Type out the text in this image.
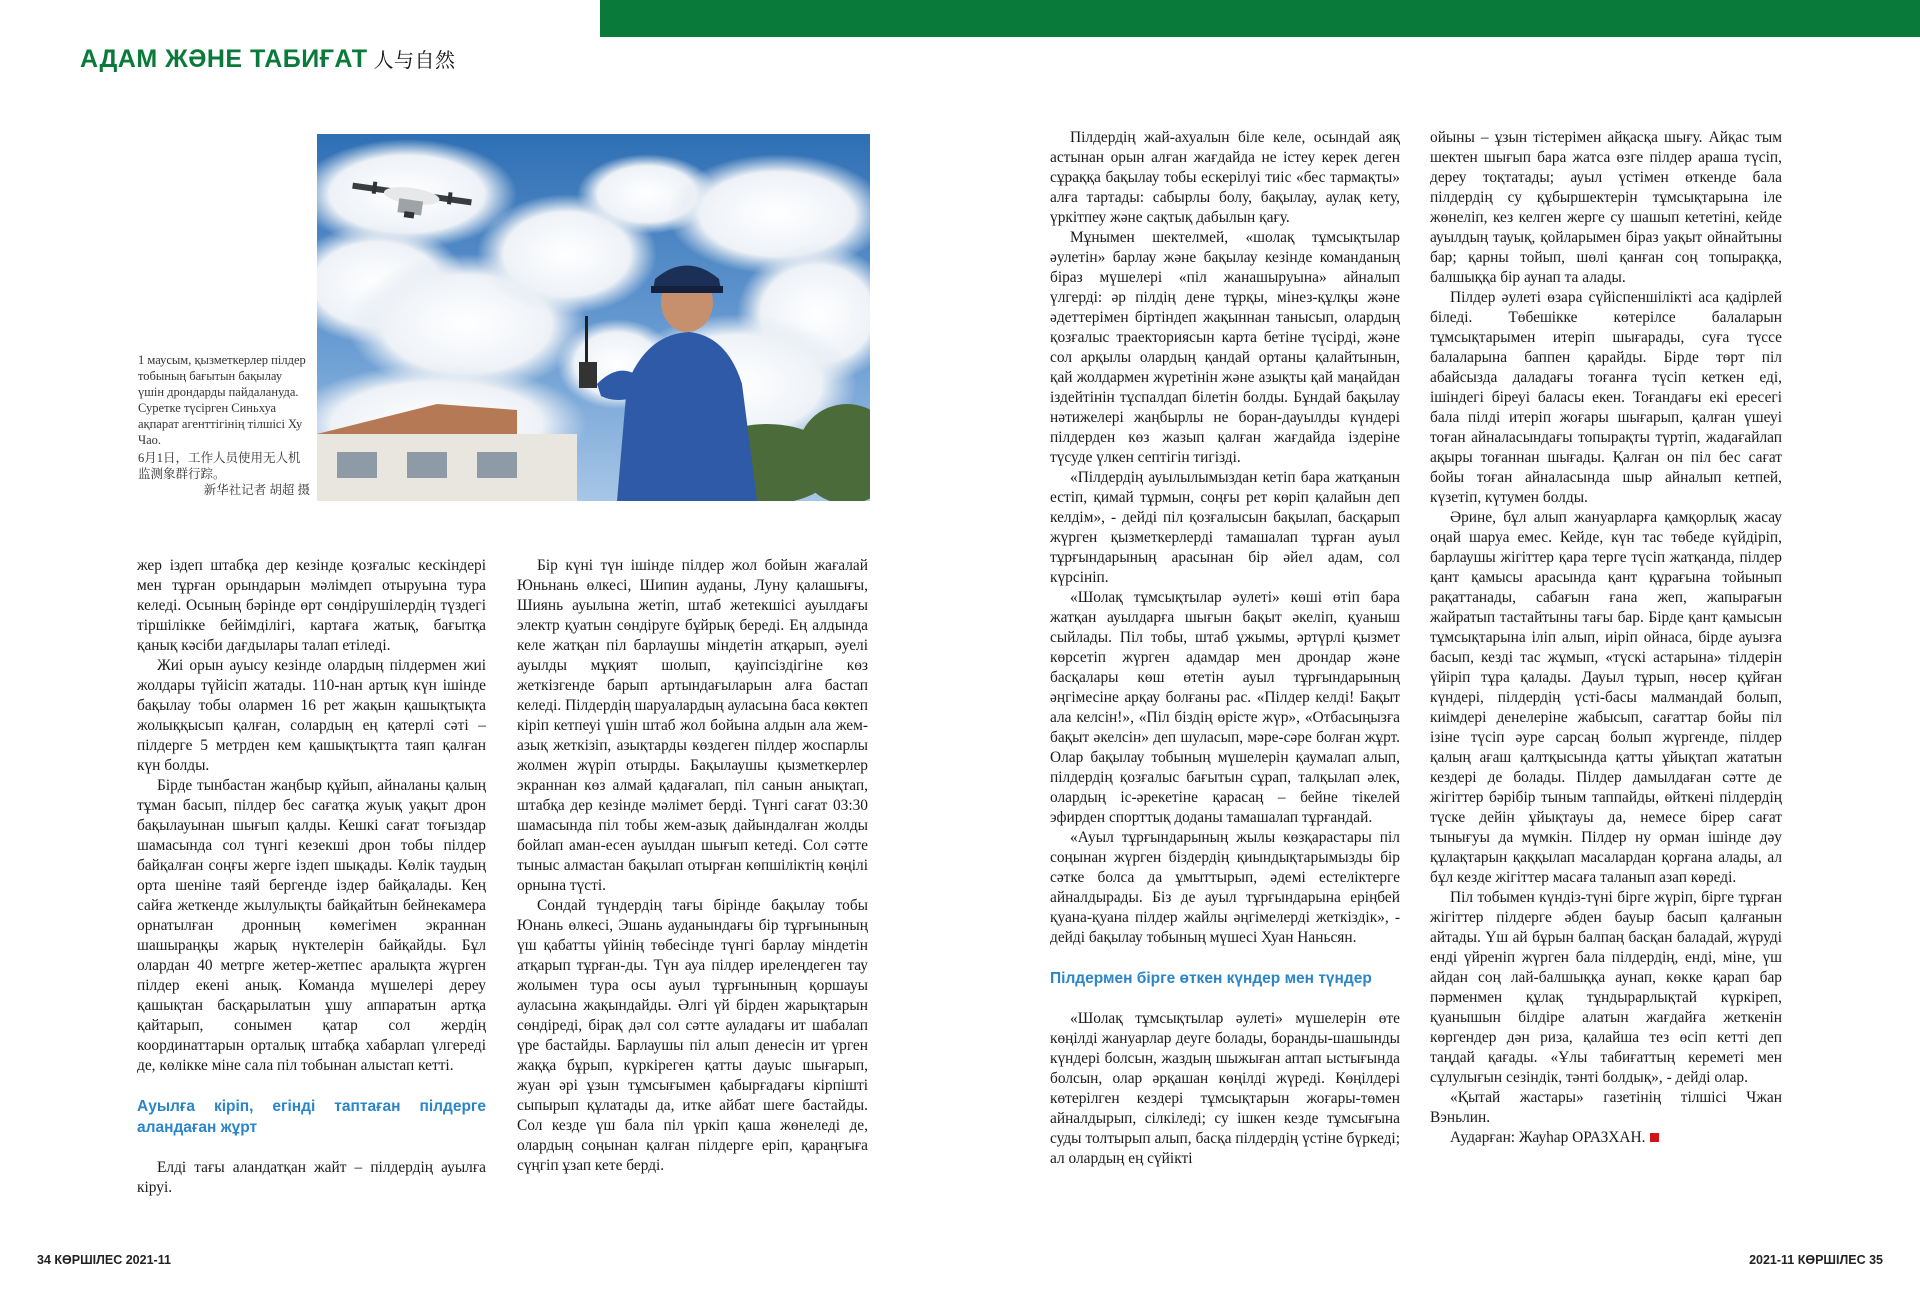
АДАМ ЖӘНЕ ТАБИҒАТ 人与自然

1 маусым, қызметкерлер пілдер тобының бағытын бақылау үшін дрондарды пайдалануда. Суретке түсірген Синьхуа ақпарат агенттігінің тілшісі Ху Чао.

6月1日，工作人员使用无人机监测象群行踪。

新华社记者 胡超 摄

жер іздеп штабқа дер кезінде қозғалыс кескіндері мен тұрған орындарын мәлімдеп отыруына тура келеді. Осының бәрінде өрт сөндірушілердің түздегі тіршілікке бейімділігі, картаға жатық, бағытқа қанық кәсіби дағдылары талап етіледі.

Жиі орын ауысу кезінде олардың пілдермен жиі жолдары түйісіп жатады. 110-нан артық күн ішінде бақылау тобы олармен 16 рет жақын қашықтықта жолыққысып қалған, солардың ең қатерлі сәті – пілдерге 5 метрден кем қашықтықтта таяп қалған күн болды.

Бірде тынбастан жаңбыр құйып, айналаны қалың тұман басып, пілдер бес сағатқа жуық уақыт дрон бақылауынан шығып қалды. Кешкі сағат тоғыздар шамасында сол түнгі кезекші дрон тобы пілдер байқалған соңғы жерге іздеп шықады. Көлік таудың орта шеніне таяй бергенде іздер байқалады. Кең сайға жеткенде жылулықты байқайтын бейнекамера орнатылған дронның көмегімен экраннан шашыраңқы жарық нүктелерін байқайды. Бұл олардан 40 метрге жетер-жетпес аралықта жүрген пілдер екені анық. Команда мүшелері дереу қашықтан басқарылатын ұшу аппаратын артқа қайтарып, сонымен қатар сол жердің координаттарын орталық штабқа хабарлап үлгереді де, көлікке міне сала піл тобынан алыстап кетті.

Ауылға кіріп, егінді таптаған пілдерге аландаған жұрт

Елді тағы аландатқан жайт – пілдердің ауылға кіруі.

Бір күні түн ішінде пілдер жол бойын жағалай Юньнань өлкесі, Шипин ауданы, Луну қалашығы, Шиянь ауылына жетіп, штаб жетекшісі ауылдағы электр қуатын сөндіруге бұйрық береді. Ең алдында келе жатқан піл барлаушы міндетін атқарып, әуелі ауылды мұқият шолып, қауіпсіздігіне көз жеткізгенде барып артындағыларын алға бастап келеді. Пілдердің шаруалардың ауласына баса көктеп кіріп кетпеуі үшін штаб жол бойына алдын ала жем-азық жеткізіп, азықтарды көздеген пілдер жоспарлы жолмен жүріп отырды. Бақылаушы қызметкерлер экраннан көз алмай қадағалап, піл санын анықтап, штабқа дер кезінде мәлімет берді. Түнгі сағат 03:30 шамасында піл тобы жем-азық дайындалған жолды бойлап аман-есен ауылдан шығып кетеді. Сол сәтте тыныс алмастан бақылап отырған көпшіліктің көңілі орнына түсті.

Сондай түндердің тағы бірінде бақылау тобы Юнань өлкесі, Эшань ауданындағы бір тұрғынының үш қабатты үйінің төбесінде түнгі барлау міндетін атқарып тұрған-ды. Түн ауа пілдер ирелеңдеген тау жолымен тура осы ауыл тұрғынының қоршауы ауласына жақындайды. Әлгі үй бірден жарықтарын сөндіреді, бірақ дәл сол сәтте ауладағы ит шабалап үре бастайды. Барлаушы піл алып денесін ит үрген жаққа бұрып, күркіреген қатты дауыс шығарып, жуан әрі ұзын тұмсығымен қабырғадағы кірпішті сыпырып құлатады да, итке айбат шеге бастайды. Сол кезде үш бала піл үркіп қаша жөнеледі де, олардың соңынан қалған пілдерге еріп, қараңғыға сүңгіп ұзап кете берді.

Пілдердің жай-ахуалын біле келе, осындай аяқ астынан орын алған жағдайда не істеу керек деген сұраққа бақылау тобы ескерілуі тиіс «бес тармақты» алға тартады: сабырлы болу, бақылау, аулақ кету, үркітпеу және сақтық дабылын қағу.

Мұнымен шектелмей, «шолақ тұмсықтылар әулетін» барлау және бақылау кезінде команданың біраз мүшелері «піл жанашыруына» айналып үлгерді: әр пілдің дене тұрқы, мінез-құлқы және әдеттерімен біртіндеп жақыннан танысып, олардың қозғалыс траекториясын карта бетіне түсірді, және сол арқылы олардың қандай ортаны қалайтынын, қай жолдармен жүретінін және азықты қай маңайдан іздейтінін тұспалдап білетін болды. Бұндай бақылау нәтижелері жаңбырлы не боран-дауылды күндері пілдерден көз жазып қалған жағдайда іздеріне түсуде үлкен септігін тигізді.

«Пілдердің ауылылымыздан кетіп бара жатқанын естіп, қимай тұрмын, соңғы рет көріп қалайын деп келдім», - дейді піл қозғалысын бақылап, басқарып жүрген қызметкерлерді тамашалап тұрған ауыл тұрғындарының арасынан бір әйел адам, сол күрсініп.

«Шолақ тұмсықтылар әулеті» көші өтіп бара жатқан ауылдарға шығын бақыт әкеліп, қуаныш сыйлады. Піл тобы, штаб ұжымы, әртүрлі қызмет көрсетіп жүрген адамдар мен дрондар және басқалары көш өтетін ауыл тұрғындарының әңгімесіне арқау болғаны рас. «Пілдер келді! Бақыт ала келсін!», «Піл біздің өрісте жүр», «Отбасыңызға бақыт әкелсін» деп шуласып, мәре-сәре болған жұрт. Олар бақылау тобының мүшелерін қаумалап алып, пілдердің қозғалыс бағытын сұрап, талқылап әлек, олардың іс-әрекетіне қарасаң – бейне тікелей эфирден спорттық доданы тамашалап тұрғандай.

«Ауыл тұрғындарының жылы көзқарастары піл соңынан жүрген біздердің қиындықтарымызды бір сәтке болса да ұмыттырып, әдемі естеліктерге айналдырады. Біз де ауыл тұрғындарына еріңбей қуана-қуана пілдер жайлы әңгімелерді жеткіздік», - дейді бақылау тобының мүшесі Хуан Наньсян.

Пілдермен бірге өткен күндер мен түндер

«Шолақ тұмсықтылар әулеті» мүшелерін өте көңілді жануарлар деуге болады, боранды-шашынды күндері болсын, жаздың шыжыған аптап ыстығында болсын, олар әрқашан көңілді жүреді. Көңілдері көтерілген кездері тұмсықтарын жоғары-төмен айналдырып, сілкіледі; су ішкен кезде тұмсығына суды толтырып алып, басқа пілдердің үстіне бүркеді; ал олардың ең сүйікті

ойыны – ұзын тістерімен айқасқа шығу. Айқас тым шектен шығып бара жатса өзге пілдер араша түсіп, дереу тоқтатады; ауыл үстімен өткенде бала пілдердің су құбыршектерін тұмсықтарына іле жөнеліп, кез келген жерге су шашып кететіні, кейде ауылдың тауық, қойларымен біраз уақыт ойнайтыны бар; қарны тойып, шөлі қанған соң топыраққа, балшыққа бір аунап та алады.

Пілдер әулеті өзара сүйіспеншілікті аса қадірлей біледі. Төбешікке көтерілсе балаларын тұмсықтарымен итеріп шығарады, суға түссе балаларына баппен қарайды. Бірде төрт піл абайсызда даладағы тоғанға түсіп кеткен еді, ішіндегі біреуі баласы екен. Тоғандағы екі ересегі бала пілді итеріп жоғары шығарып, қалған үшеуі тоған айналасындағы топырақты түртіп, жадағайлап ақыры тоғаннан шығады. Қалған он піл бес сағат бойы тоған айналасында шыр айналып кетпей, күзетіп, күтумен болды.

Әрине, бұл алып жануарларға қамқорлық жасау оңай шаруа емес. Кейде, күн тас төбеде күйдіріп, барлаушы жігіттер қара терге түсіп жатқанда, пілдер қант қамысы арасында қант құрағына тойынып рақаттанады, сабағын ғана жеп, жапырағын жайратып тастайтыны тағы бар. Бірде қант қамысын тұмсықтарына іліп алып, иіріп ойнаса, бірде ауызға басып, кезді тас жұмып, «түскі астарына» тілдерін үйіріп тұра қалады. Дауыл тұрып, нөсер құйған күндері, пілдердің үсті-басы малмандай болып, киімдері денелеріне жабысып, сағаттар бойы піл ізіне түсіп әуре сарсаң болып жүргенде, пілдер қалың ағаш қалтқысында қатты ұйықтап жататын кездері де болады. Пілдер дамылдаған сәтте де жігіттер бәрібір тыным таппайды, өйткені пілдердің түске дейін ұйықтауы да, немесе бірер сағат тынығуы да мүмкін. Пілдер ну орман ішінде дәу құлақтарын қаққылап масалардан қорғана алады, ал бұл кезде жігіттер масаға таланып азап көреді.

Піл тобымен күндіз-түні бірге жүріп, бірге тұрған жігіттер пілдерге әбден бауыр басып қалғанын айтады. Үш ай бұрын балпаң басқан баладай, жүруді енді үйреніп жүрген бала пілдердің, енді, міне, үш айдан соң лай-балшыққа аунап, көкке қарап бар пәрменмен құлақ тұндырарлықтай күркіреп, қуанышын білдіре алатын жағдайға жеткенін көргендер дән риза, қалайша тез өсіп кетті деп таңдай қағады. «Ұлы табиғаттың кереметі мен сұлулығын сезіндік, тәнті болдық», - дейді олар.

«Қытай жастары» газетінің тілшісі Чжан Вэньлин.

Аударған: Жауһар ОРАЗХАН.

34 КӨРШІЛЕС 2021-11	2021-11 КӨРШІЛЕС 35
